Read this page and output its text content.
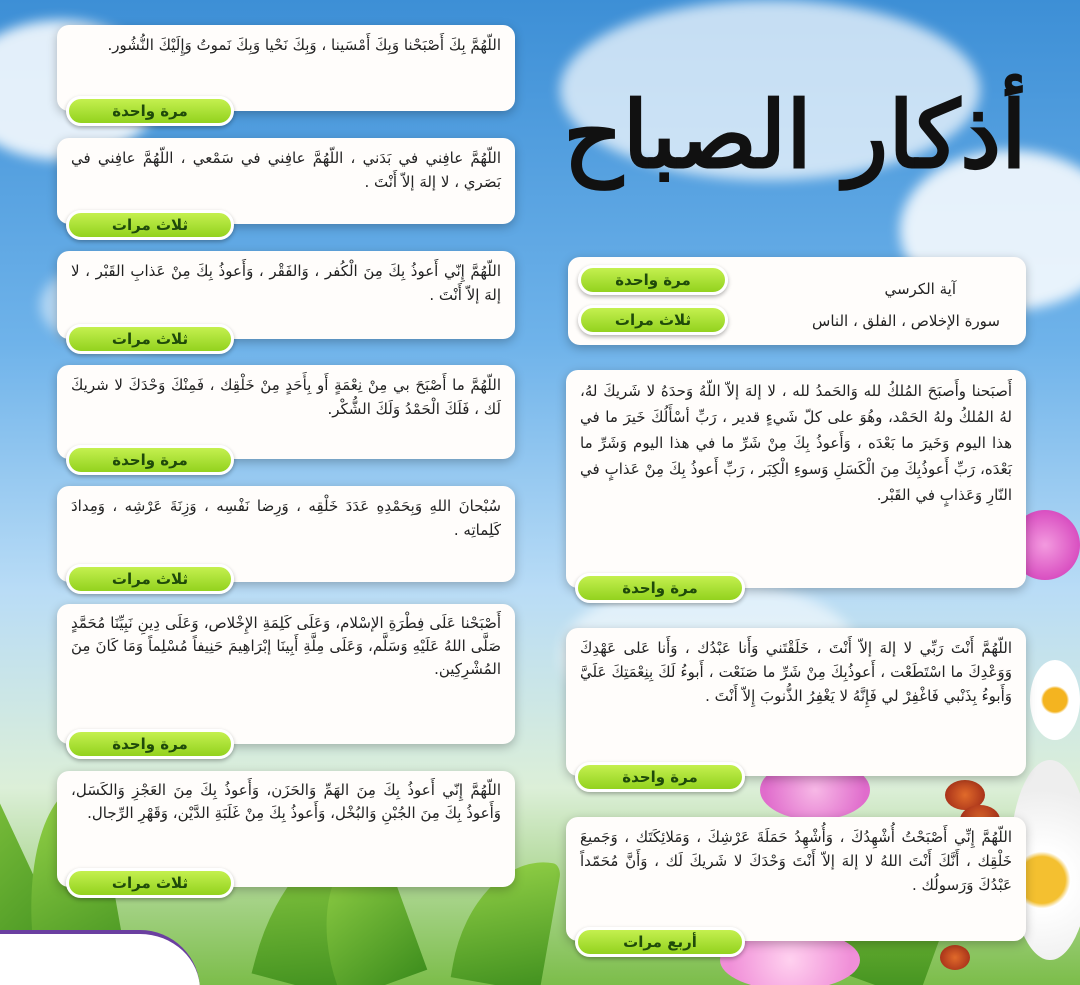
أذكار الصباح
آية الكرسي
سورة الإخلاص ، الفلق ، الناس
مرة واحدة
ثلاث مرات

أَصبَحنا وأَصبَحَ المُلكُ لله وَالحَمدُ لله ، لا إلهَ إلاّ اللّهُ وَحدَهُ لا شَريكَ لهُ، لهُ المُلكُ ولهُ الحَمْد، وهُوَ على كلّ شَيءٍ قدير ، رَبِّ أسْأَلُكَ خَيرَ ما في هذا اليوم وَخَيرَ ما بَعْدَه ، وَأَعوذُ بِكَ مِنْ شَرِّ ما في هذا اليوم وَشَرِّ ما بَعْدَه، رَبِّ أَعوذُبِكَ مِنَ الْكَسَلِ وَسوءِ الْكِبَر ، رَبِّ أَعوذُ بِكَ مِنْ عَذابٍ في النّارِ وَعَذابٍ في القَبْر.

مرة واحدة

اللّهُمَّ أَنْتَ رَبِّي لا إلهَ إلاّ أَنْتَ ، خَلَقْتَني وَأَنا عَبْدُك ، وَأَنا عَلى عَهْدِكَ وَوَعْدِكَ ما اسْتَطَعْت ، أَعوذُبِكَ مِنْ شَرِّ ما صَنَعْت ، أَبوءُ لَكَ بِنِعْمَتِكَ عَلَيَّ وَأَبوءُ بِذَنْبي فَاغْفِرْ لي فَإِنَّهُ لا يَغْفِرُ الذُّنوبَ إِلاّ أَنْتَ .

مرة واحدة

اللّهُمَّ إِنِّي أَصْبَحْتُ أُشْهِدُكَ ، وَأُشْهِدُ حَمَلَةَ عَرْشِكَ ، وَمَلائِكَتَك ، وَجَميعَ خَلْقِك ، أَنَّكَ أَنْتَ اللهُ لا إلهَ إلاّ أَنْتَ وَحْدَكَ لا شَريكَ لَك ، وَأَنَّ مُحَمّداً عَبْدُكَ وَرَسولُك .

أربع مرات

اللّهُمَّ بِكَ أَصْبَحْنا وَبِكَ أَمْسَينا ، وَبِكَ نَحْيا وَبِكَ نَموتُ وَإِلَيْكَ النُّشُور.

مرة واحدة

اللّهُمَّ عافِني في بَدَني ، اللّهُمَّ عافِني في سَمْعي ، اللّهُمَّ عافِني في بَصَري ، لا إلهَ إلاّ أَنْتَ .

ثلاث مرات

اللّهُمَّ إِنّي أَعوذُ بِكَ مِنَ الْكُفر ، وَالفَقْر ، وَأَعوذُ بِكَ مِنْ عَذابِ القَبْر ، لا إلهَ إلاّ أَنْتَ .

ثلاث مرات

اللّهُمَّ ما أَصْبَحَ بي مِنْ نِعْمَةٍ أَو بِأَحَدٍ مِنْ خَلْقِك ، فَمِنْكَ وَحْدَكَ لا شريكَ لَك ، فَلَكَ الْحَمْدُ وَلَكَ الشُّكْر.

مرة واحدة

سُبْحانَ اللهِ وَبِحَمْدِهِ عَدَدَ خَلْقِه ، وَرِضا نَفْسِه ، وَزِنَةَ عَرْشِه ، وَمِدادَ كَلِماتِه .

ثلاث مرات

أَصْبَحْنا عَلَى فِطْرَةِ الإسْلام، وَعَلَى كَلِمَةِ الإِخْلاص، وَعَلَى دِينِ نَبِيِّنَا مُحَمَّدٍ صَلَّى اللهُ عَلَيْهِ وَسَلَّم، وَعَلَى مِلَّةِ أَبِينَا إبْرَاهِيمَ حَنِيفاً مُسْلِماً وَمَا كَانَ مِنَ المُشْرِكِين.

مرة واحدة

اللّهُمَّ إِنّي أَعوذُ بِكَ مِنَ الهَمِّ وَالحَزَن، وَأَعوذُ بِكَ مِنَ العَجْزِ وَالكَسَل، وَأَعوذُ بِكَ مِنَ الجُبْنِ وَالبُخْل، وَأَعوذُ بِكَ مِنْ غَلَبَةِ الدَّيْن، وَقَهْرِ الرِّجال.

ثلاث مرات
